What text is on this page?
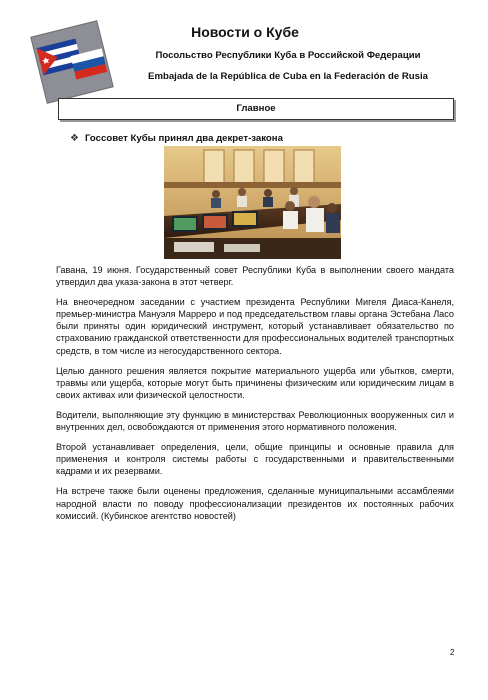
Новости о Кубе
Посольство Республики Куба в Российской Федерации
Embajada de la República de Cuba en la Federación de Rusia
Главное
❖ Госсовет Кубы принял два декрет-закона

Гавана, 19 июня. Государственный совет Республики Куба в выполнении своего мандата утвердил два указа-закона в этот четверг.

На внеочередном заседании с участием президента Республики Мигеля Диаса-Канеля, премьер-министра Мануэля Марреро и под председательством главы органа Эстебана Ласо были приняты один юридический инструмент, который устанавливает обязательство по страхованию гражданской ответственности для профессиональных водителей транспортных средств, в том числе из негосударственного сектора.

Целью данного решения является покрытие материального ущерба или убытков, смерти, травмы или ущерба, которые могут быть причинены физическим или юридическим лицам в своих активах или физической целостности.

Водители, выполняющие эту функцию в министерствах Революционных вооруженных сил и внутренних дел, освобождаются от применения этого нормативного положения.

Второй устанавливает определения, цели, общие принципы и основные правила для применения и контроля системы работы с государственными и правительственными кадрами и их резервами.

На встрече также были оценены предложения, сделанные муниципальными ассамблеями народной власти по поводу профессионализации президентов их постоянных рабочих комиссий. (Кубинское агентство новостей)

2
